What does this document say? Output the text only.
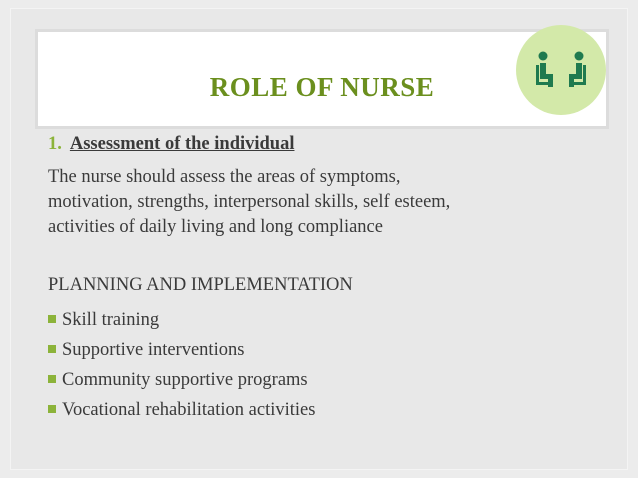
ROLE OF NURSE
1. Assessment of the individual
The nurse should assess the areas of symptoms,
motivation, strengths, interpersonal skills, self esteem,
activities of daily living and long compliance
PLANNING AND IMPLEMENTATION
Skill training
Supportive interventions
Community supportive programs
Vocational rehabilitation activities
